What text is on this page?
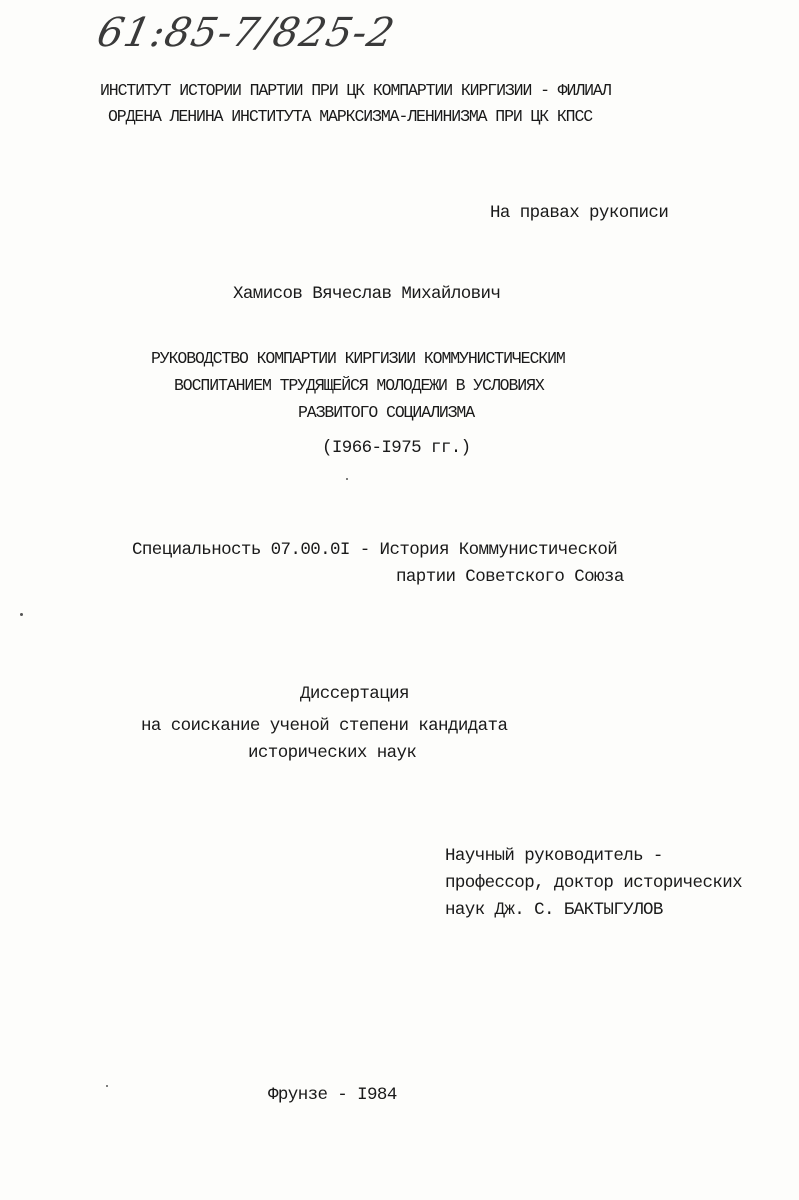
61:85-7/825-2
ИНСТИТУТ ИСТОРИИ ПАРТИИ ПРИ ЦК КОМПАРТИИ КИРГИЗИИ - ФИЛИАЛ
ОРДЕНА ЛЕНИНА ИНСТИТУТА МАРКСИЗМА-ЛЕНИНИЗМА ПРИ ЦК КПСС
На правах рукописи
Хамисов Вячеслав Михайлович
РУКОВОДСТВО КОМПАРТИИ КИРГИЗИИ КОММУНИСТИЧЕСКИМ
ВОСПИТАНИЕМ ТРУДЯЩЕЙСЯ МОЛОДЕЖИ В УСЛОВИЯХ
РАЗВИТОГО СОЦИАЛИЗМА
(I966-I975 гг.)
Специальность 07.00.0I - История Коммунистической
партии Советского Союза
Диссертация
на соискание ученой степени кандидата
исторических наук
Научный руководитель -
профессор, доктор исторических
наук Дж. С. БАКТЫГУЛОВ
Фрунзе - I984
